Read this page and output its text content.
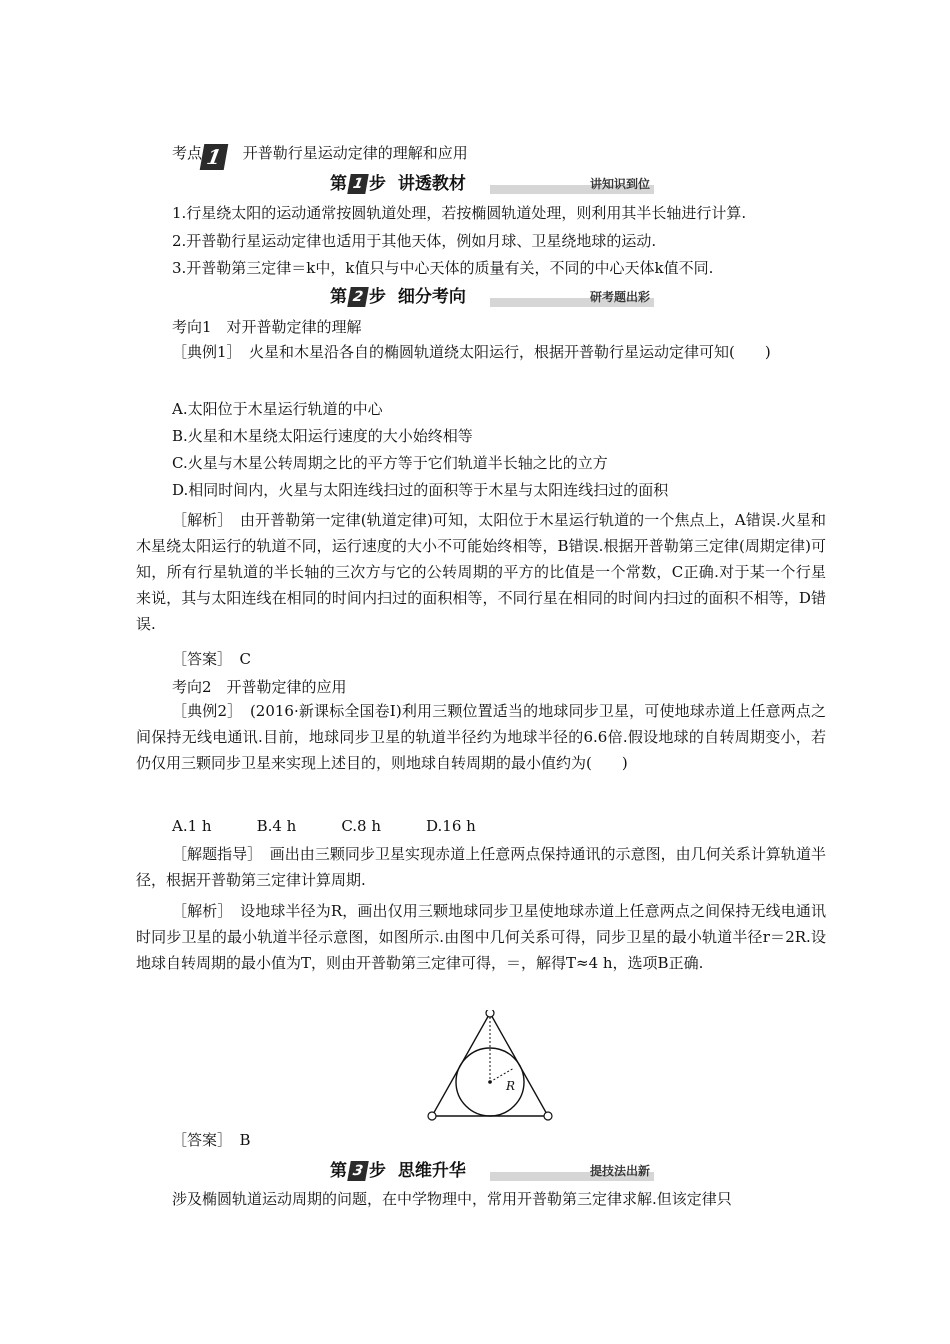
考点 1 开普勒行星运动定律的理解和应用
第 1 步 讲透教材	讲知识到位
1.行星绕太阳的运动通常按圆轨道处理，若按椭圆轨道处理，则利用其半长轴进行计算.
2.开普勒行星运动定律也适用于其他天体，例如月球、卫星绕地球的运动.
3.开普勒第三定律＝k中，k值只与中心天体的质量有关，不同的中心天体k值不同.
第 2 步 细分考向	研考题出彩
考向1　对开普勒定律的理解
［典例1］　火星和木星沿各自的椭圆轨道绕太阳运行，根据开普勒行星运动定律可知(　　)
A.太阳位于木星运行轨道的中心
B.火星和木星绕太阳运行速度的大小始终相等
C.火星与木星公转周期之比的平方等于它们轨道半长轴之比的立方
D.相同时间内，火星与太阳连线扫过的面积等于木星与太阳连线扫过的面积
［解析］　由开普勒第一定律(轨道定律)可知，太阳位于木星运行轨道的一个焦点上，A错误.火星和木星绕太阳运行的轨道不同，运行速度的大小不可能始终相等，B错误.根据开普勒第三定律(周期定律)可知，所有行星轨道的半长轴的三次方与它的公转周期的平方的比值是一个常数，C正确.对于某一个行星来说，其与太阳连线在相同的时间内扫过的面积相等，不同行星在相同的时间内扫过的面积不相等，D错误.
［答案］　C
考向2　开普勒定律的应用
［典例2］　(2016·新课标全国卷Ⅰ)利用三颗位置适当的地球同步卫星，可使地球赤道上任意两点之间保持无线电通讯.目前，地球同步卫星的轨道半径约为地球半径的6.6倍.假设地球的自转周期变小，若仍仅用三颗同步卫星来实现上述目的，则地球自转周期的最小值约为(　　)
A.1 h　　　B.4 h　　　C.8 h　　　D.16 h
［解题指导］　画出由三颗同步卫星实现赤道上任意两点保持通讯的示意图，由几何关系计算轨道半径，根据开普勒第三定律计算周期.
［解析］　设地球半径为R，画出仅用三颗地球同步卫星使地球赤道上任意两点之间保持无线电通讯时同步卫星的最小轨道半径示意图，如图所示.由图中几何关系可得，同步卫星的最小轨道半径r＝2R.设地球自转周期的最小值为T，则由开普勒第三定律可得，＝，解得T≈4 h，选项B正确.
R
［答案］　B
第 3 步 思维升华	提技法出新
涉及椭圆轨道运动周期的问题，在中学物理中，常用开普勒第三定律求解.但该定律只
